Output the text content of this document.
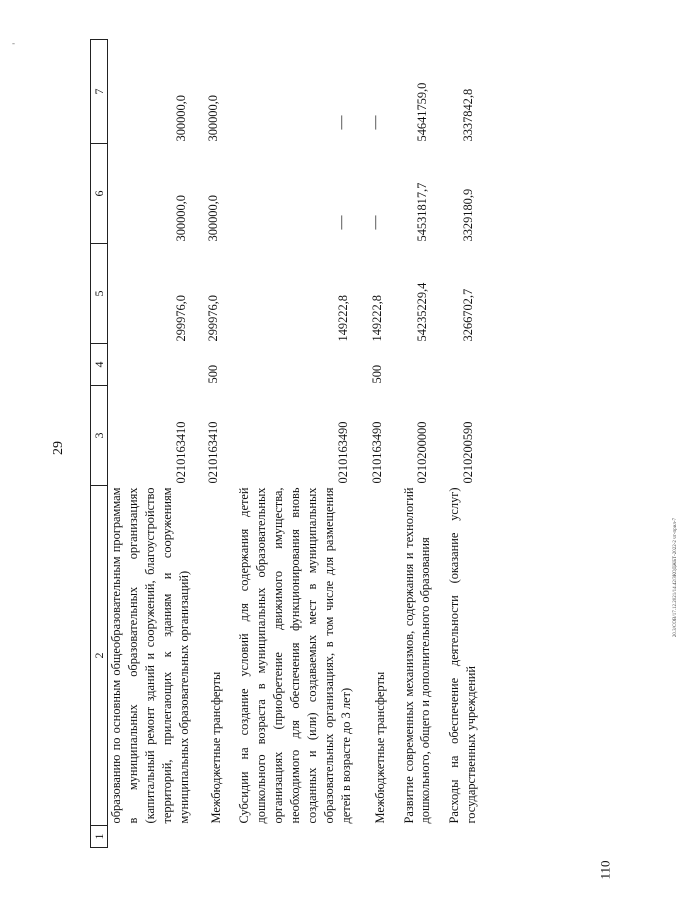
-
29
20.3/СОВ/17.12.2021/14.42/ЗКОДЖБТ-2022-2 чт-прил-7
110
1	2	3	4	5	6	7
	образованию по основным общеобразовательным программам в муниципальных образовательных организациях (капитальный ремонт зданий и сооружений, благоустройство территорий, прилегающих к зданиям и сооружениям муниципальных образовательных организаций)	0210163410		299976,0	300000,0	300000,0

	Межбюджетные трансферты	0210163410	500	299976,0	300000,0	300000,0

	Субсидии на создание условий для содержания детей дошкольного возраста в муниципальных образовательных организациях (приобретение движимого имущества, необходимого для обеспечения функционирования вновь созданных и (или) создаваемых мест в муниципальных образовательных организациях, в том числе для размещения детей в возрасте до 3 лет)	0210163490		149222,8	—	—

	Межбюджетные трансферты	0210163490	500	149222,8	—	—

	Развитие современных механизмов, содержания и технологий дошкольного, общего и дополнительного образования	0210200000		54235229,4	54531817,7	54641759,0

	Расходы на обеспечение деятельности (оказание услуг) государственных учреждений	0210200590		3266702,7	3329180,9	3337842,8
